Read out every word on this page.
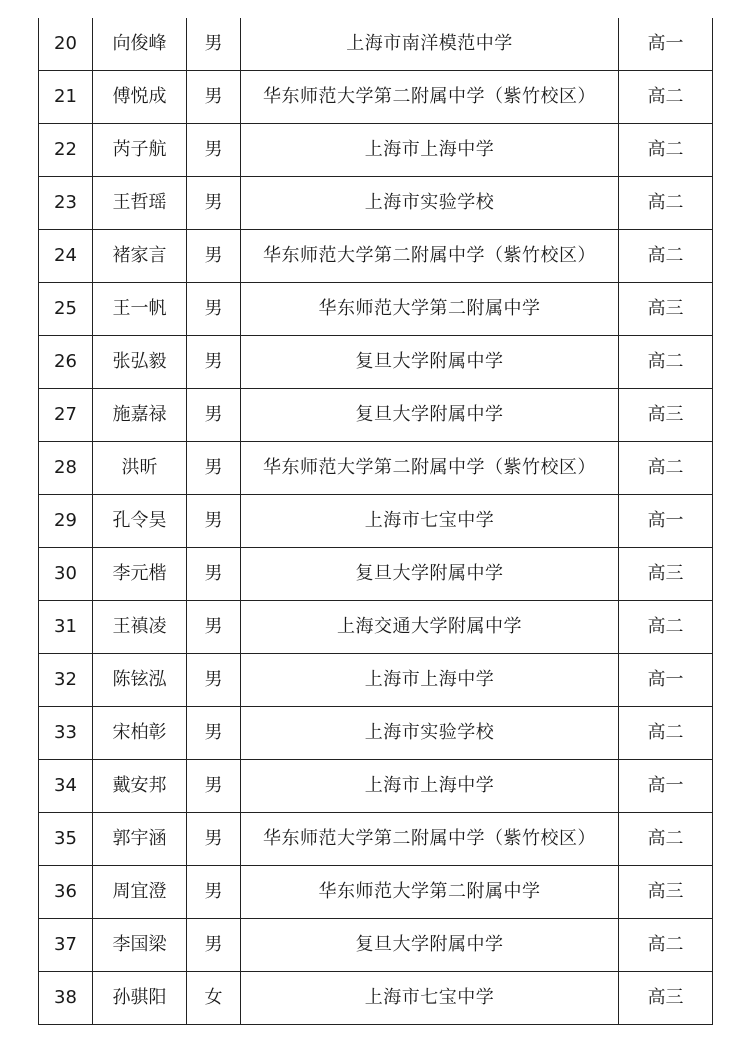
20	向俊峰	男	上海市南洋模范中学	高一
21	傅悦成	男	华东师范大学第二附属中学（紫竹校区）	高二
22	芮子航	男	上海市上海中学	高二
23	王哲瑶	男	上海市实验学校	高二
24	褚家言	男	华东师范大学第二附属中学（紫竹校区）	高二
25	王一帆	男	华东师范大学第二附属中学	高三
26	张弘毅	男	复旦大学附属中学	高二
27	施嘉禄	男	复旦大学附属中学	高三
28	洪昕	男	华东师范大学第二附属中学（紫竹校区）	高二
29	孔令昊	男	上海市七宝中学	高一
30	李元楷	男	复旦大学附属中学	高三
31	王禛凌	男	上海交通大学附属中学	高二
32	陈铉泓	男	上海市上海中学	高一
33	宋柏彰	男	上海市实验学校	高二
34	戴安邦	男	上海市上海中学	高一
35	郭宇涵	男	华东师范大学第二附属中学（紫竹校区）	高二
36	周宜澄	男	华东师范大学第二附属中学	高三
37	李国梁	男	复旦大学附属中学	高二
38	孙骐阳	女	上海市七宝中学	高三
